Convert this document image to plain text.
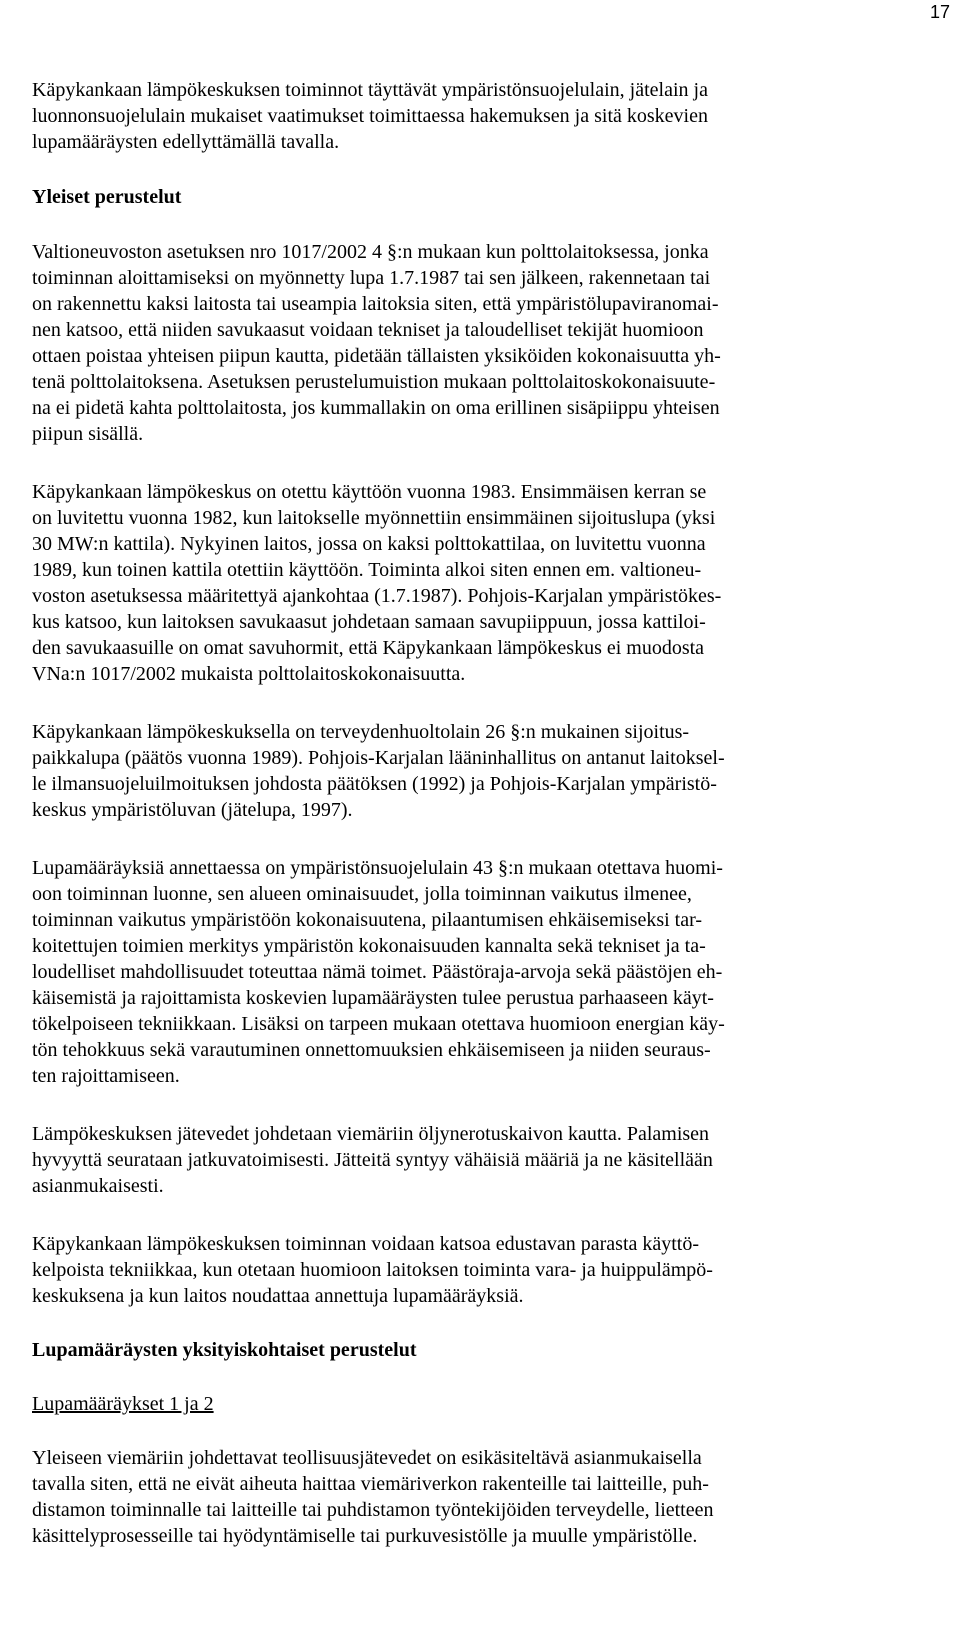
17
Käpykankaan lämpökeskuksen toiminnot täyttävät ympäristönsuojelulain, jätelain ja
luonnonsuojelulain mukaiset vaatimukset toimittaessa hakemuksen ja sitä koskevien
lupamääräysten edellyttämällä tavalla.
Yleiset perustelut
Valtioneuvoston asetuksen nro 1017/2002 4 §:n mukaan kun polttolaitoksessa, jonka
toiminnan aloittamiseksi on myönnetty lupa 1.7.1987 tai sen jälkeen, rakennetaan tai
on rakennettu kaksi laitosta tai useampia laitoksia siten, että ympäristölupaviranomai-
nen katsoo, että niiden savukaasut voidaan tekniset ja taloudelliset tekijät huomioon
ottaen poistaa yhteisen piipun kautta, pidetään tällaisten yksiköiden kokonaisuutta yh-
tenä polttolaitoksena. Asetuksen perustelumuistion mukaan polttolaitoskokonaisuute-
na ei pidetä kahta polttolaitosta, jos kummallakin on oma erillinen sisäpiippu yhteisen
piipun sisällä.
Käpykankaan lämpökeskus on otettu käyttöön vuonna 1983. Ensimmäisen kerran se
on luvitettu vuonna 1982, kun laitokselle myönnettiin ensimmäinen sijoituslupa (yksi
30 MW:n kattila). Nykyinen laitos, jossa on kaksi polttokattilaa, on luvitettu vuonna
1989, kun toinen kattila otettiin käyttöön. Toiminta alkoi siten ennen em. valtioneu-
voston asetuksessa määritettyä ajankohtaa (1.7.1987). Pohjois-Karjalan ympäristökes-
kus katsoo, kun laitoksen savukaasut johdetaan samaan savupiippuun, jossa kattiloi-
den savukaasuille on omat savuhormit, että Käpykankaan lämpökeskus ei muodosta
VNa:n 1017/2002 mukaista polttolaitoskokonaisuutta.
Käpykankaan lämpökeskuksella on terveydenhuoltolain 26 §:n mukainen sijoitus-
paikkalupa (päätös vuonna 1989). Pohjois-Karjalan lääninhallitus on antanut laitoksel-
le ilmansuojeluilmoituksen johdosta päätöksen (1992) ja Pohjois-Karjalan ympäristö-
keskus ympäristöluvan (jätelupa, 1997).
Lupamääräyksiä annettaessa on ympäristönsuojelulain 43 §:n mukaan otettava huomi-
oon toiminnan luonne, sen alueen ominaisuudet, jolla toiminnan vaikutus ilmenee,
toiminnan vaikutus ympäristöön kokonaisuutena, pilaantumisen ehkäisemiseksi tar-
koitettujen toimien merkitys ympäristön kokonaisuuden kannalta sekä tekniset ja ta-
loudelliset mahdollisuudet toteuttaa nämä toimet. Päästöraja-arvoja sekä päästöjen eh-
käisemistä ja rajoittamista koskevien lupamääräysten tulee perustua parhaaseen käyt-
tökelpoiseen tekniikkaan. Lisäksi on tarpeen mukaan otettava huomioon energian käy-
tön tehokkuus sekä varautuminen onnettomuuksien ehkäisemiseen ja niiden seuraus-
ten rajoittamiseen.
Lämpökeskuksen jätevedet johdetaan viemäriin öljynerotuskaivon kautta. Palamisen
hyvyyttä seurataan jatkuvatoimisesti. Jätteitä syntyy vähäisiä määriä ja ne käsitellään
asianmukaisesti.
Käpykankaan lämpökeskuksen toiminnan voidaan katsoa edustavan parasta käyttö-
kelpoista tekniikkaa, kun otetaan huomioon laitoksen toiminta vara- ja huippulämpö-
keskuksena ja kun laitos noudattaa annettuja lupamääräyksiä.
Lupamääräysten yksityiskohtaiset perustelut
Lupamääräykset 1 ja 2
Yleiseen viemäriin johdettavat teollisuusjätevedet on esikäsiteltävä asianmukaisella
tavalla siten, että ne eivät aiheuta haittaa viemäriverkon rakenteille tai laitteille, puh-
distamon toiminnalle tai laitteille tai puhdistamon työntekijöiden terveydelle, lietteen
käsittelyprosesseille tai hyödyntämiselle tai purkuvesistölle ja muulle ympäristölle.
